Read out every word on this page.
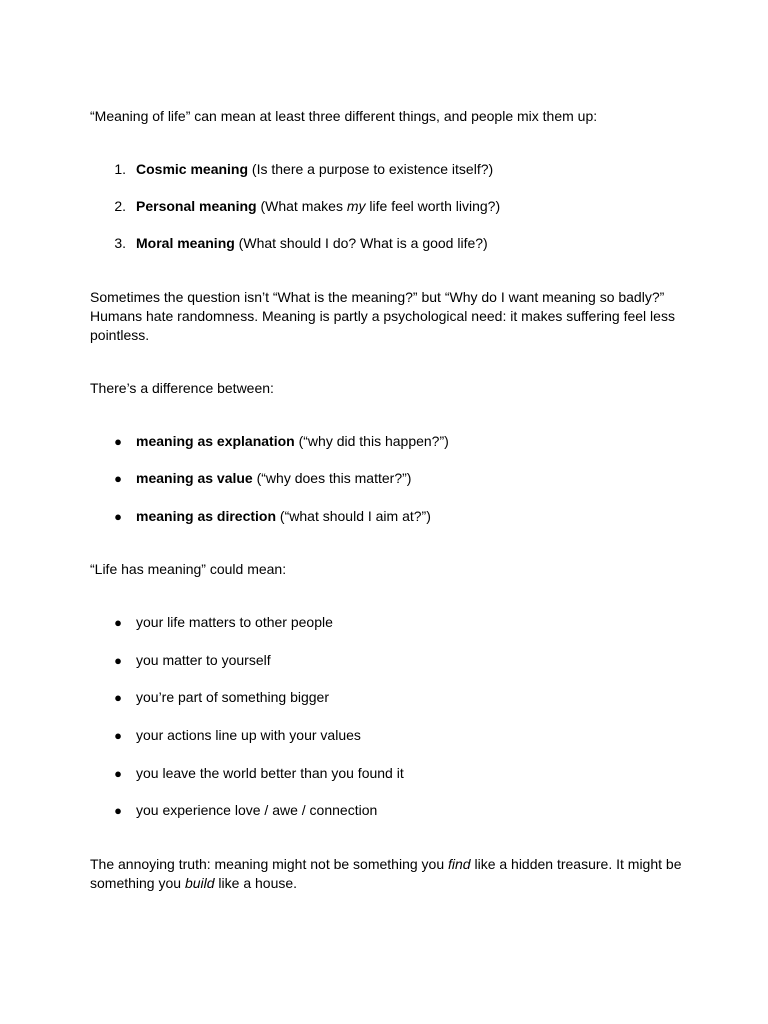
“Meaning of life” can mean at least three different things, and people mix them up:

1. Cosmic meaning (Is there a purpose to existence itself?)
2. Personal meaning (What makes my life feel worth living?)
3. Moral meaning (What should I do? What is a good life?)

Sometimes the question isn’t “What is the meaning?” but “Why do I want meaning so badly?” Humans hate randomness. Meaning is partly a psychological need: it makes suffering feel less pointless.

There’s a difference between:

● meaning as explanation (“why did this happen?”)
● meaning as value (“why does this matter?”)
● meaning as direction (“what should I aim at?”)

“Life has meaning” could mean:

● your life matters to other people
● you matter to yourself
● you’re part of something bigger
● your actions line up with your values
● you leave the world better than you found it
● you experience love / awe / connection

The annoying truth: meaning might not be something you find like a hidden treasure. It might be something you build like a house.
